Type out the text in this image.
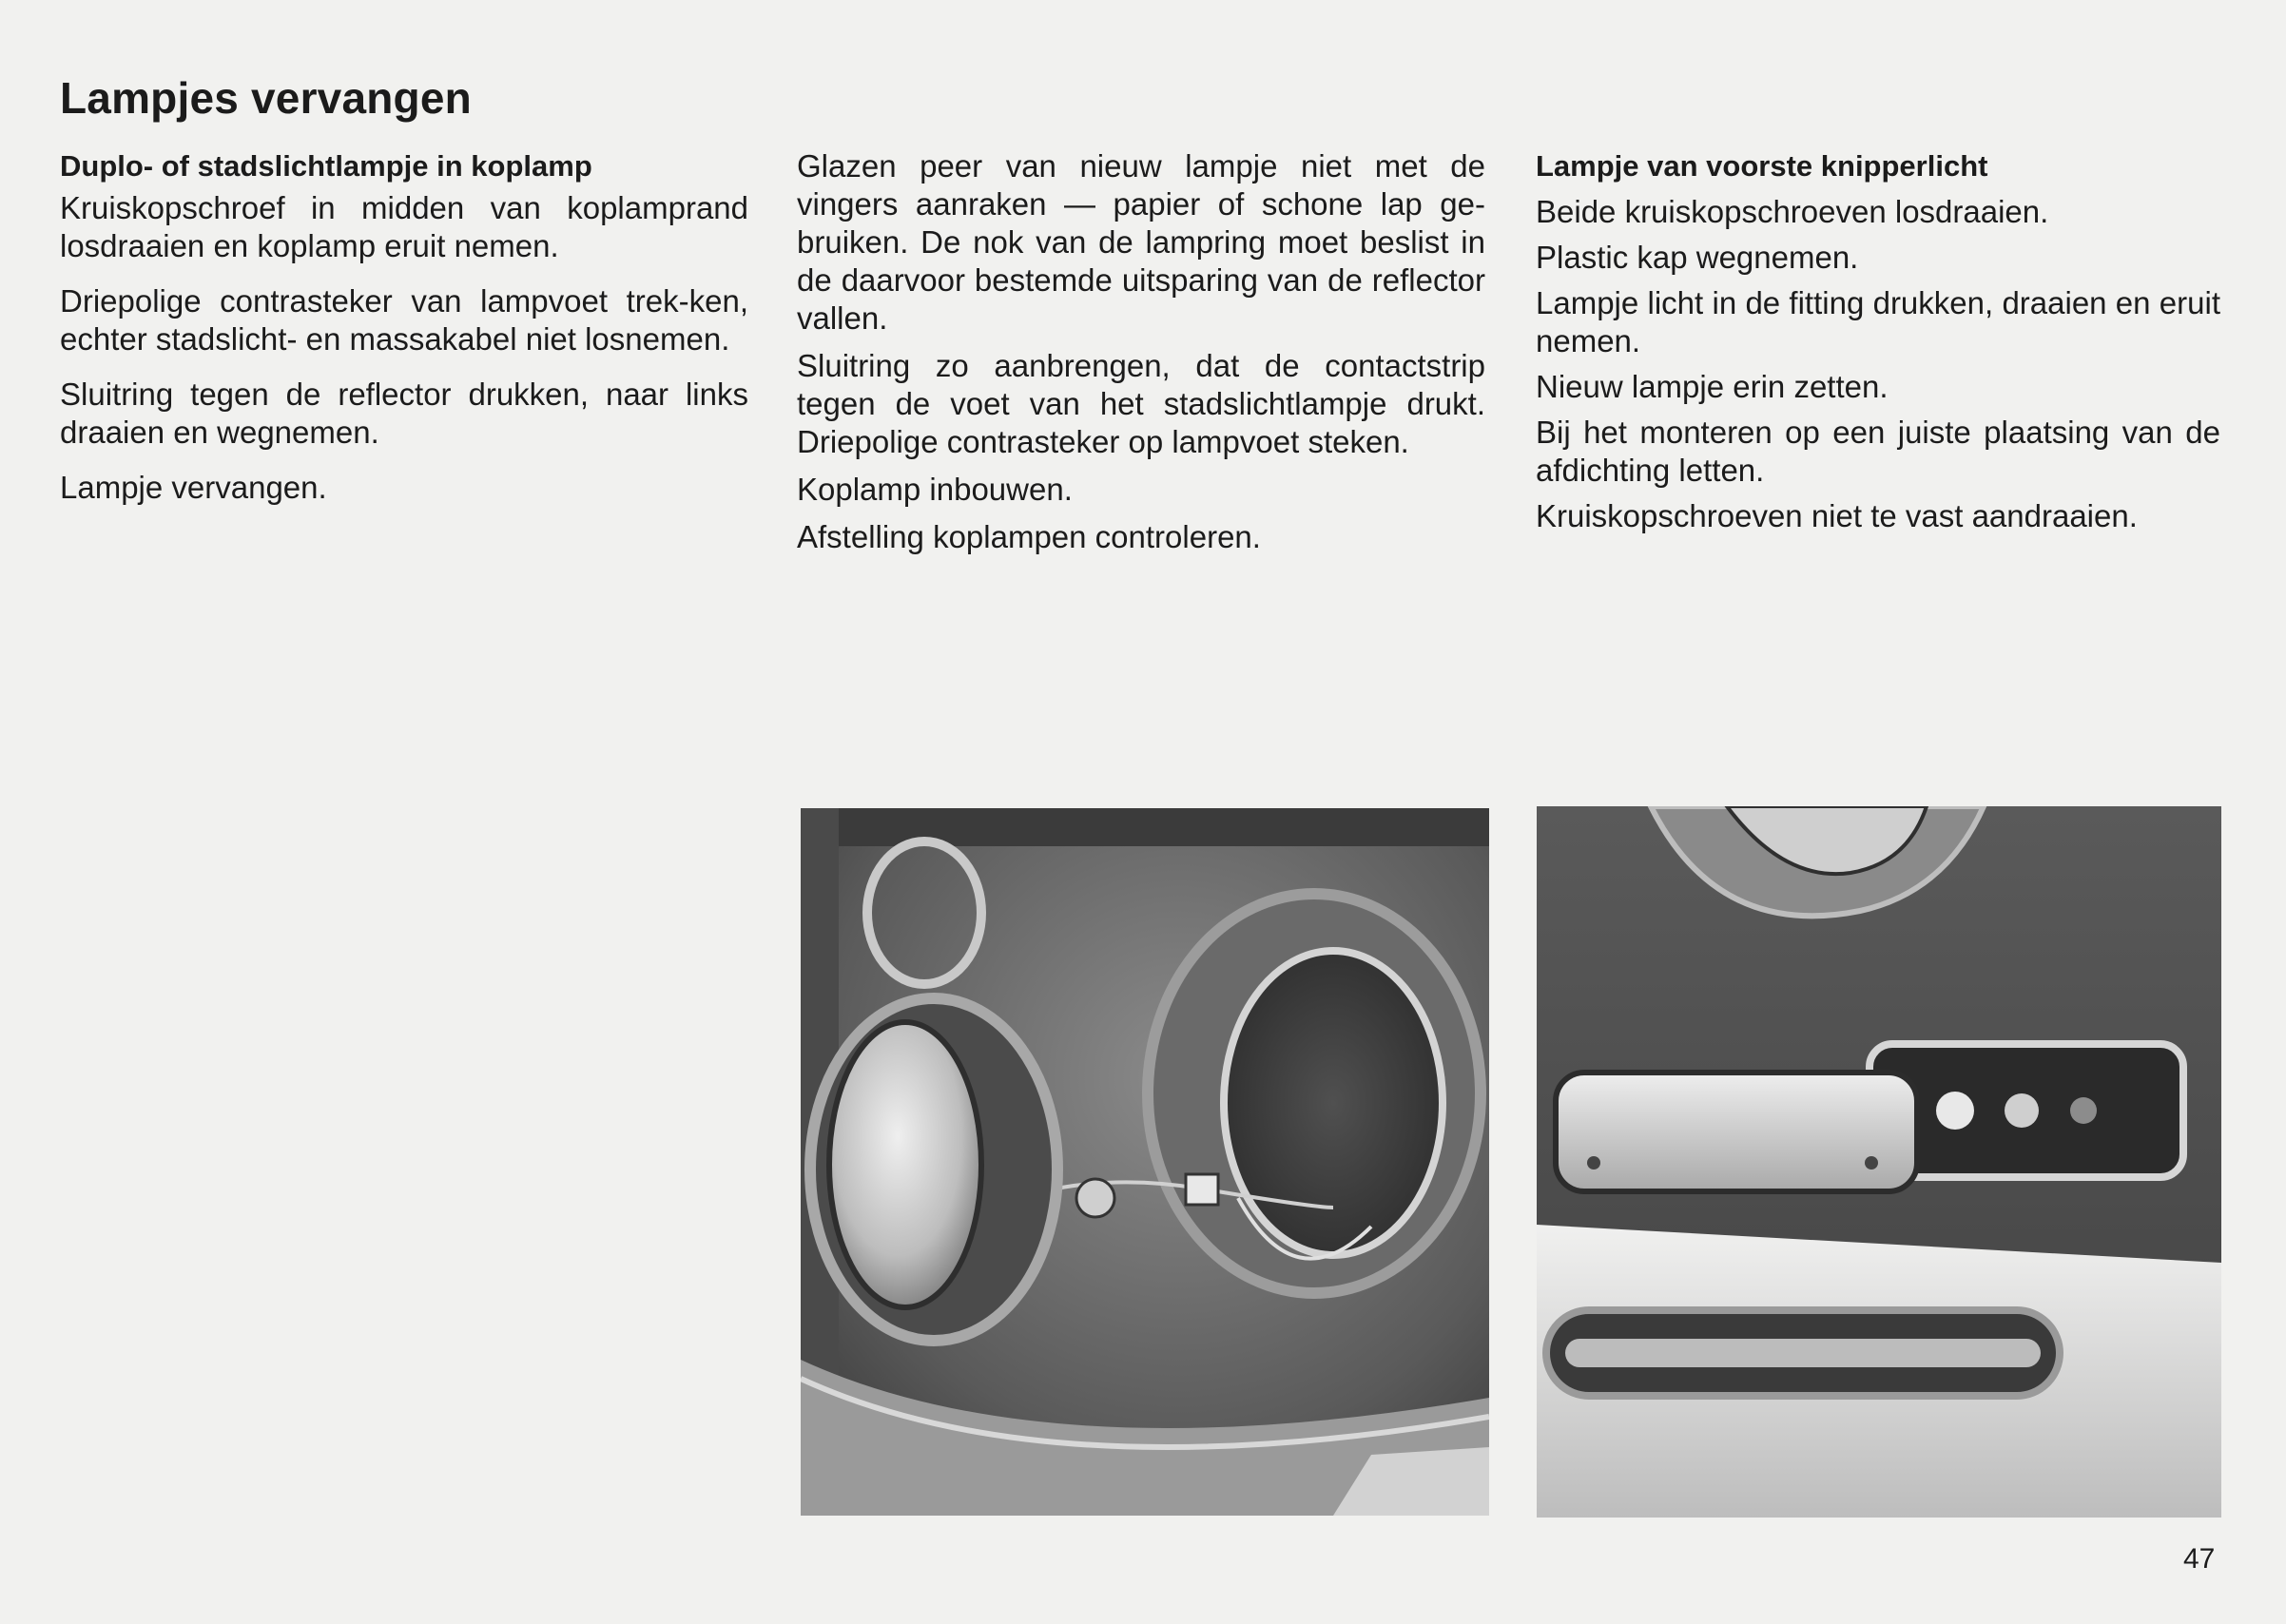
Lampjes vervangen
Duplo- of stadslichtlampje in koplamp

Kruiskopschroef in midden van koplamprand losdraaien en koplamp eruit nemen.

Driepolige contrasteker van lampvoet trek-ken, echter stadslicht- en massakabel niet losnemen.

Sluitring tegen de reflector drukken, naar links draaien en wegnemen.

Lampje vervangen.

Glazen peer van nieuw lampje niet met de vingers aanraken — papier of schone lap ge-bruiken. De nok van de lampring moet beslist in de daarvoor bestemde uitsparing van de reflector vallen.

Sluitring zo aanbrengen, dat de contactstrip tegen de voet van het stadslichtlampje drukt. Driepolige contrasteker op lampvoet steken.

Koplamp inbouwen.

Afstelling koplampen controleren.

Lampje van voorste knipperlicht

Beide kruiskopschroeven losdraaien.

Plastic kap wegnemen.

Lampje licht in de fitting drukken, draaien en eruit nemen.

Nieuw lampje erin zetten.

Bij het monteren op een juiste plaatsing van de afdichting letten.

Kruiskopschroeven niet te vast aandraaien.

47
